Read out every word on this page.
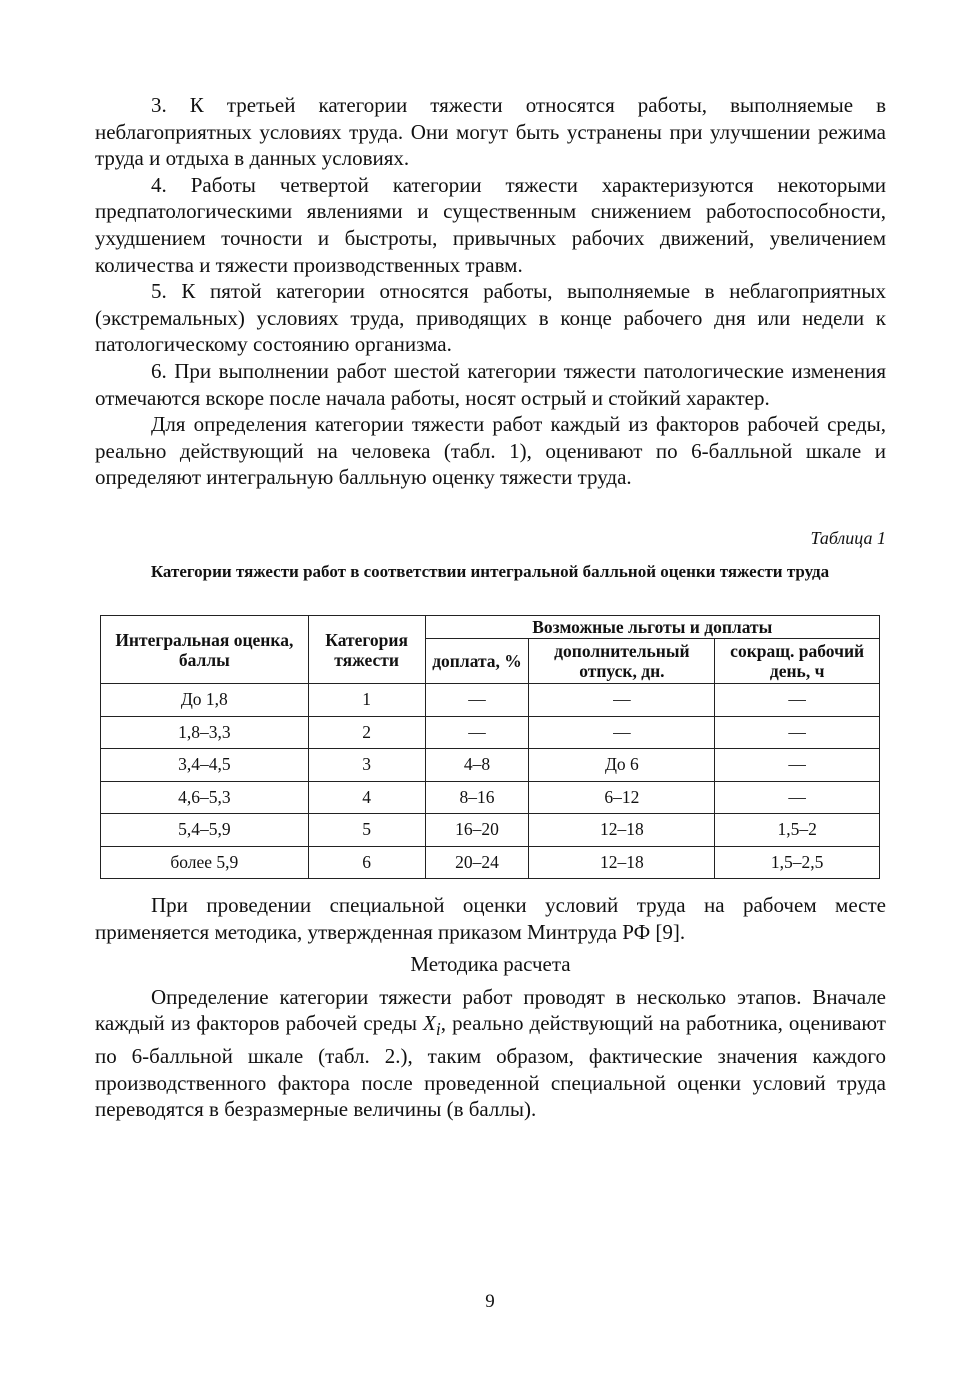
3. К третьей категории тяжести относятся работы, выполняемые в неблагоприятных условиях труда. Они могут быть устранены при улучшении режима труда и отдыха в данных условиях.

4. Работы четвертой категории тяжести характеризуются некоторыми предпатологическими явлениями и существенным снижением работоспособности, ухудшением точности и быстроты, привычных рабочих движений, увеличением количества и тяжести производственных травм.

5. К пятой категории относятся работы, выполняемые в неблагоприятных (экстремальных) условиях труда, приводящих в конце рабочего дня или недели к патологическому состоянию организма.

6. При выполнении работ шестой категории тяжести патологические изменения отмечаются вскоре после начала работы, носят острый и стойкий характер.

Для определения категории тяжести работ каждый из факторов рабочей среды, реально действующий на человека (табл. 1), оценивают по 6-балльной шкале и определяют интегральную балльную оценку тяжести труда.

Таблица 1
Категории тяжести работ в соответствии интегральной балльной оценки тяжести труда
Интегральная оценка, баллы	Категория тяжести	Возможные льготы и доплаты		
		доплата, %	дополнительный отпуск, дн.	сокращ. рабочий день, ч
До 1,8	1	—	—	—
1,8–3,3	2	—	—	—
3,4–4,5	3	4–8	До 6	—
4,6–5,3	4	8–16	6–12	—
5,4–5,9	5	16–20	12–18	1,5–2
более 5,9	6	20–24	12–18	1,5–2,5

При проведении специальной оценки условий труда на рабочем месте применяется методика, утвержденная приказом Минтруда РФ [9].

Методика расчета

Определение категории тяжести работ проводят в несколько этапов. Вначале каждый из факторов рабочей среды $X_i$, реально действующий на работника, оценивают по 6-балльной шкале (табл. 2.), таким образом, фактические значения каждого производственного фактора после проведенной специальной оценки условий труда переводятся в безразмерные величины (в баллы).

9
